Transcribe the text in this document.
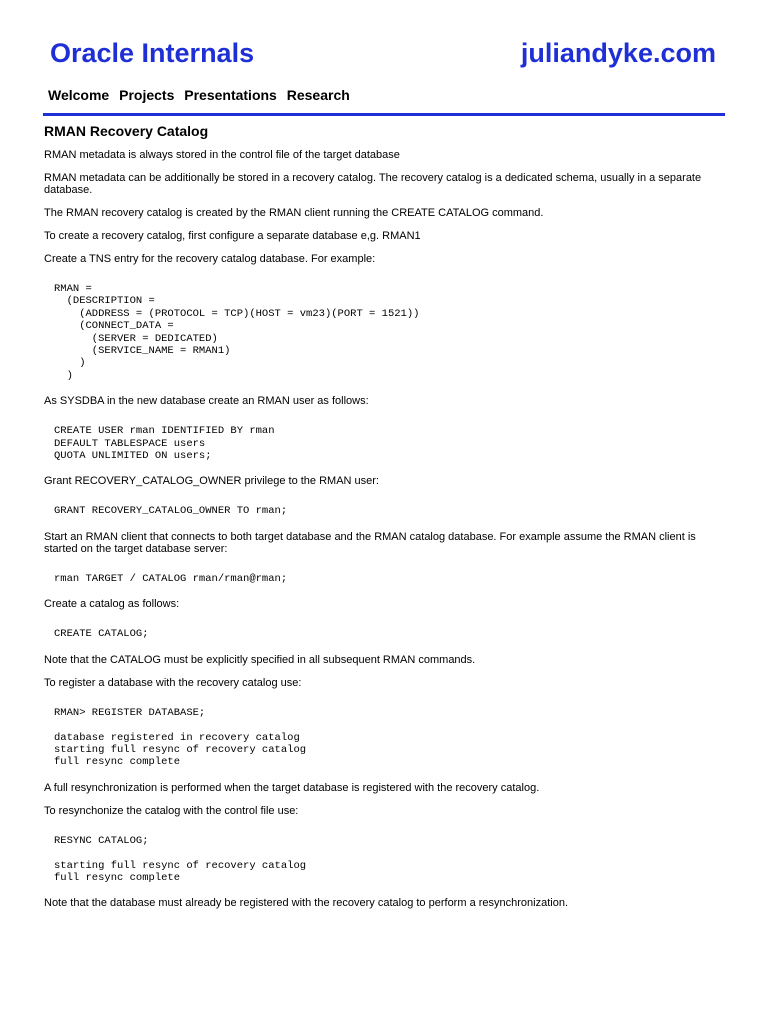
Oracle Internals	juliandyke.com
Welcome Projects Presentations Research
RMAN Recovery Catalog

RMAN metadata is always stored in the control file of the target database

RMAN metadata can be additionally be stored in a recovery catalog. The recovery catalog is a dedicated schema, usually in a separate database.

The RMAN recovery catalog is created by the RMAN client running the CREATE CATALOG command.

To create a recovery catalog, first configure a separate database e,g. RMAN1

Create a TNS entry for the recovery catalog database. For example:

RMAN =
(DESCRIPTION =
(ADDRESS = (PROTOCOL = TCP)(HOST = vm23)(PORT = 1521))
(CONNECT_DATA =
(SERVER = DEDICATED)
(SERVICE_NAME = RMAN1)
)
)

As SYSDBA in the new database create an RMAN user as follows:

CREATE USER rman IDENTIFIED BY rman
DEFAULT TABLESPACE users
QUOTA UNLIMITED ON users;

Grant RECOVERY_CATALOG_OWNER privilege to the RMAN user:

GRANT RECOVERY_CATALOG_OWNER TO rman;

Start an RMAN client that connects to both target database and the RMAN catalog database. For example assume the RMAN client is started on the target database server:

rman TARGET / CATALOG rman/rman@rman;

Create a catalog as follows:

CREATE CATALOG;

Note that the CATALOG must be explicitly specified in all subsequent RMAN commands.

To register a database with the recovery catalog use:

RMAN> REGISTER DATABASE;

database registered in recovery catalog
starting full resync of recovery catalog
full resync complete

A full resynchronization is performed when the target database is registered with the recovery catalog.

To resynchonize the catalog with the control file use:

RESYNC CATALOG;

starting full resync of recovery catalog
full resync complete

Note that the database must already be registered with the recovery catalog to perform a resynchronization.
